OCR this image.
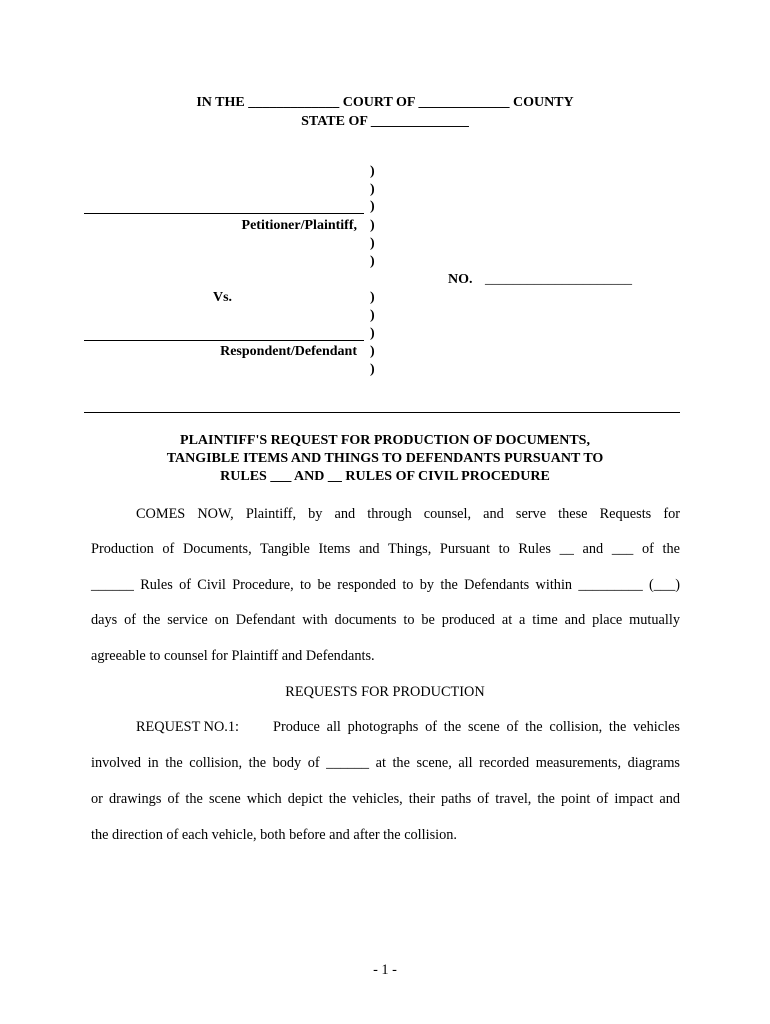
IN THE _____________ COURT OF _____________ COUNTY
STATE OF ______________
)
)
)
)
)
)
)
)
)
)
)
Petitioner/Plaintiff,
Vs.
Respondent/Defendant
NO. _____________________
PLAINTIFF'S REQUEST FOR PRODUCTION OF DOCUMENTS,
TANGIBLE ITEMS AND THINGS TO DEFENDANTS PURSUANT TO
RULES ___ AND __ RULES OF CIVIL PROCEDURE
COMES NOW, Plaintiff, by and through counsel, and serve these Requests for
Production of Documents, Tangible Items and Things, Pursuant to Rules __ and ___ of the
______ Rules of Civil Procedure, to be responded to by the Defendants within _________ (___)
days of the service on Defendant with documents to be produced at a time and place mutually
agreeable to counsel for Plaintiff and Defendants.
REQUESTS FOR PRODUCTION
REQUEST NO.1: Produce all photographs of the scene of the collision, the vehicles
involved in the collision, the body of ______ at the scene, all recorded measurements, diagrams
or drawings of the scene which depict the vehicles, their paths of travel, the point of impact and
the direction of each vehicle, both before and after the collision.
- 1 -
